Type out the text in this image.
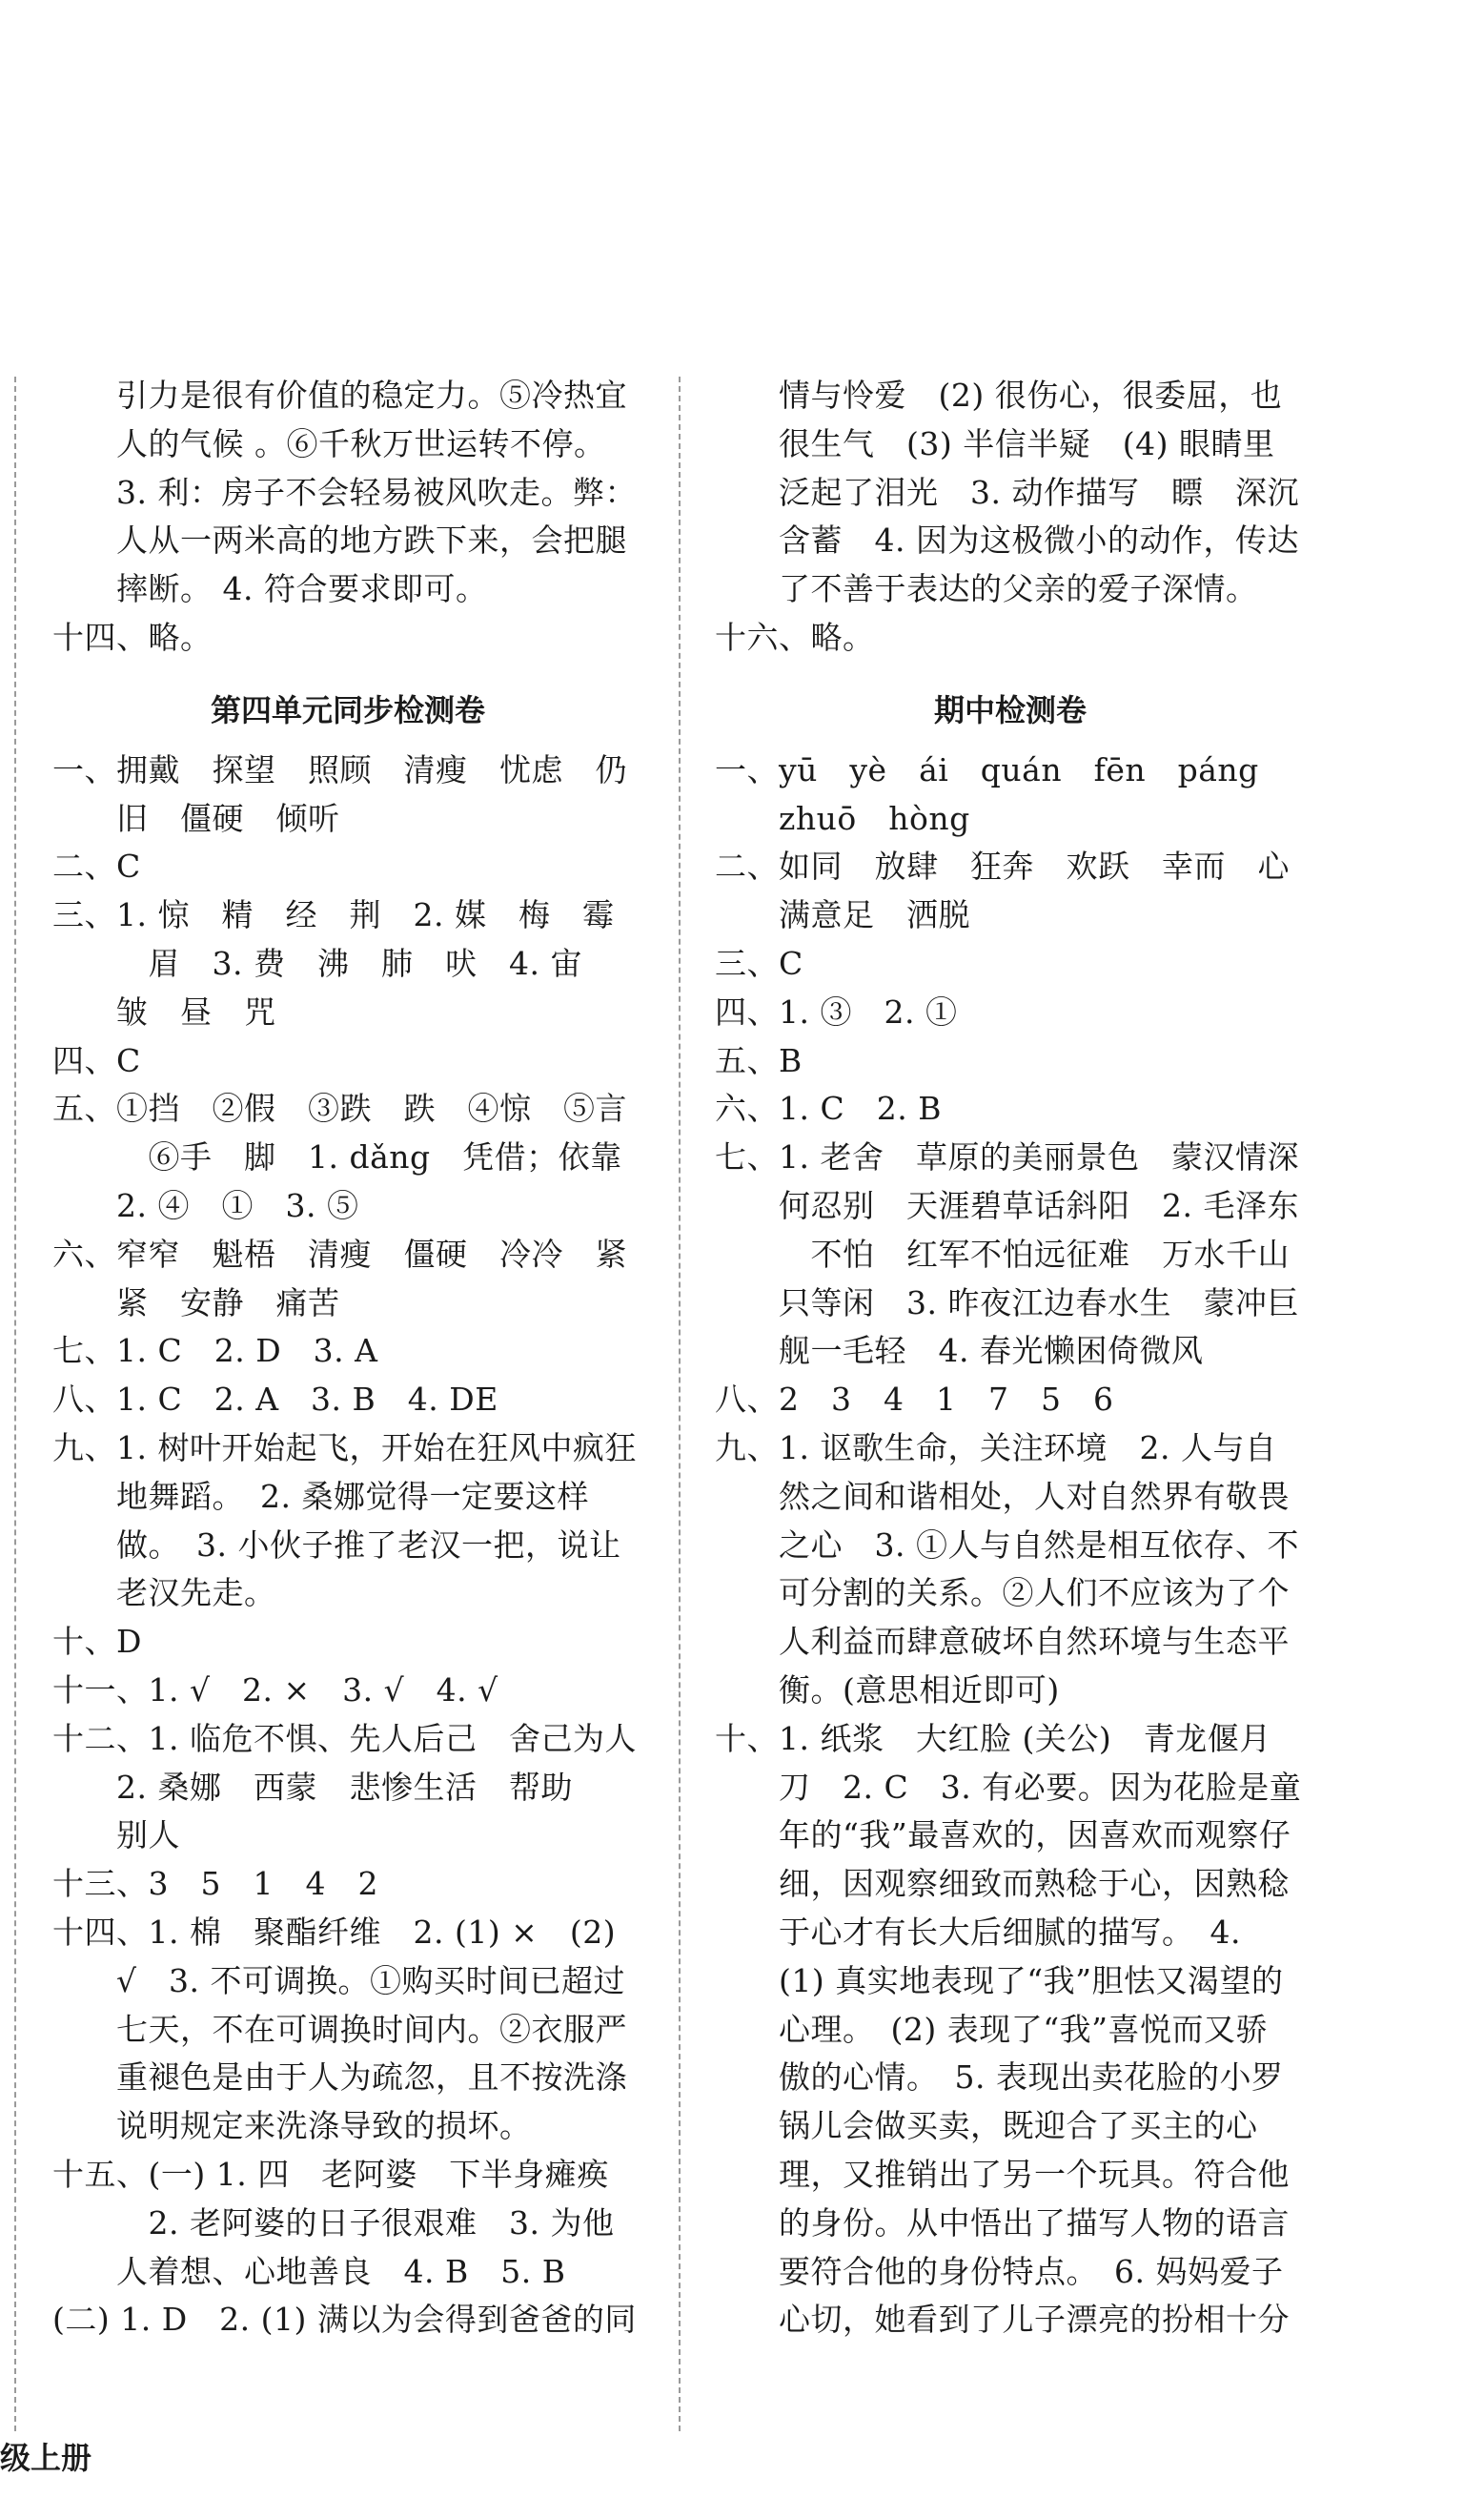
　　引力是很有价值的稳定力。⑤冷热宜
　　人的气候 。⑥千秋万世运转不停。
　　3. 利：房子不会轻易被风吹走。弊：
　　人从一两米高的地方跌下来，会把腿
　　摔断。 4. 符合要求即可。
十四、略。
第四单元同步检测卷
一、拥戴　探望　照顾　清瘦　忧虑　仍
　　旧　僵硬　倾听
二、C
三、1. 惊　精　经　荆　2. 媒　梅　霉
　　　眉　3. 费　沸　肺　吠　4. 宙
　　皱　昼　咒
四、C
五、①挡　②假　③跌　跌　④惊　⑤言
　　　⑥手　脚　1. dǎng　凭借；依靠
　　2. ④　①　3. ⑤
六、窄窄　魁梧　清瘦　僵硬　冷冷　紧
　　紧　安静　痛苦
七、1. C　2. D　3. A
八、1. C　2. A　3. B　4. DE
九、1. 树叶开始起飞，开始在狂风中疯狂
　　地舞蹈。　2. 桑娜觉得一定要这样
　　做。　3. 小伙子推了老汉一把，说让
　　老汉先走。
十、D
十一、1. √　2. ×　3. √　4. √
十二、1. 临危不惧、先人后己　舍己为人
　　2. 桑娜　西蒙　悲惨生活　帮助
　　别人
十三、3　5　1　4　2
十四、1. 棉　聚酯纤维　2. (1) ×　(2)
　　√　3. 不可调换。①购买时间已超过
　　七天，不在可调换时间内。②衣服严
　　重褪色是由于人为疏忽，且不按洗涤
　　说明规定来洗涤导致的损坏。
十五、(一) 1. 四　老阿婆　下半身瘫痪
　　　2. 老阿婆的日子很艰难　3. 为他
　　人着想、心地善良　4. B　5. B
(二) 1. D　2. (1) 满以为会得到爸爸的同
　　情与怜爱　(2) 很伤心，很委屈，也
　　很生气　(3) 半信半疑　(4) 眼睛里
　　泛起了泪光　3. 动作描写　瞟　深沉
　　含蓄　4. 因为这极微小的动作，传达
　　了不善于表达的父亲的爱子深情。
十六、略。
期中检测卷
一、yū　yè　ái　quán　fēn　páng
　　zhuō　hòng
二、如同　放肆　狂奔　欢跃　幸而　心
　　满意足　洒脱
三、C
四、1. ③　2. ①
五、B
六、1. C　2. B
七、1. 老舍　草原的美丽景色　蒙汉情深
　　何忍别　天涯碧草话斜阳　2. 毛泽东
　　　不怕　红军不怕远征难　万水千山
　　只等闲　3. 昨夜江边春水生　蒙冲巨
　　舰一毛轻　4. 春光懒困倚微风
八、2　3　4　1　7　5　6
九、1. 讴歌生命，关注环境　2. 人与自
　　然之间和谐相处，人对自然界有敬畏
　　之心　3. ①人与自然是相互依存、不
　　可分割的关系。②人们不应该为了个
　　人利益而肆意破坏自然环境与生态平
　　衡。(意思相近即可)
十、1. 纸浆　大红脸 (关公)　青龙偃月
　　刀　2. C　3. 有必要。因为花脸是童
　　年的“我”最喜欢的，因喜欢而观察仔
　　细，因观察细致而熟稔于心，因熟稔
　　于心才有长大后细腻的描写。　4.
　　(1) 真实地表现了“我”胆怯又渴望的
　　心理。　(2) 表现了“我”喜悦而又骄
　　傲的心情。　5. 表现出卖花脸的小罗
　　锅儿会做买卖，既迎合了买主的心
　　理，又推销出了另一个玩具。符合他
　　的身份。从中悟出了描写人物的语言
　　要符合他的身份特点。　6. 妈妈爱子
　　心切，她看到了儿子漂亮的扮相十分
级上册
